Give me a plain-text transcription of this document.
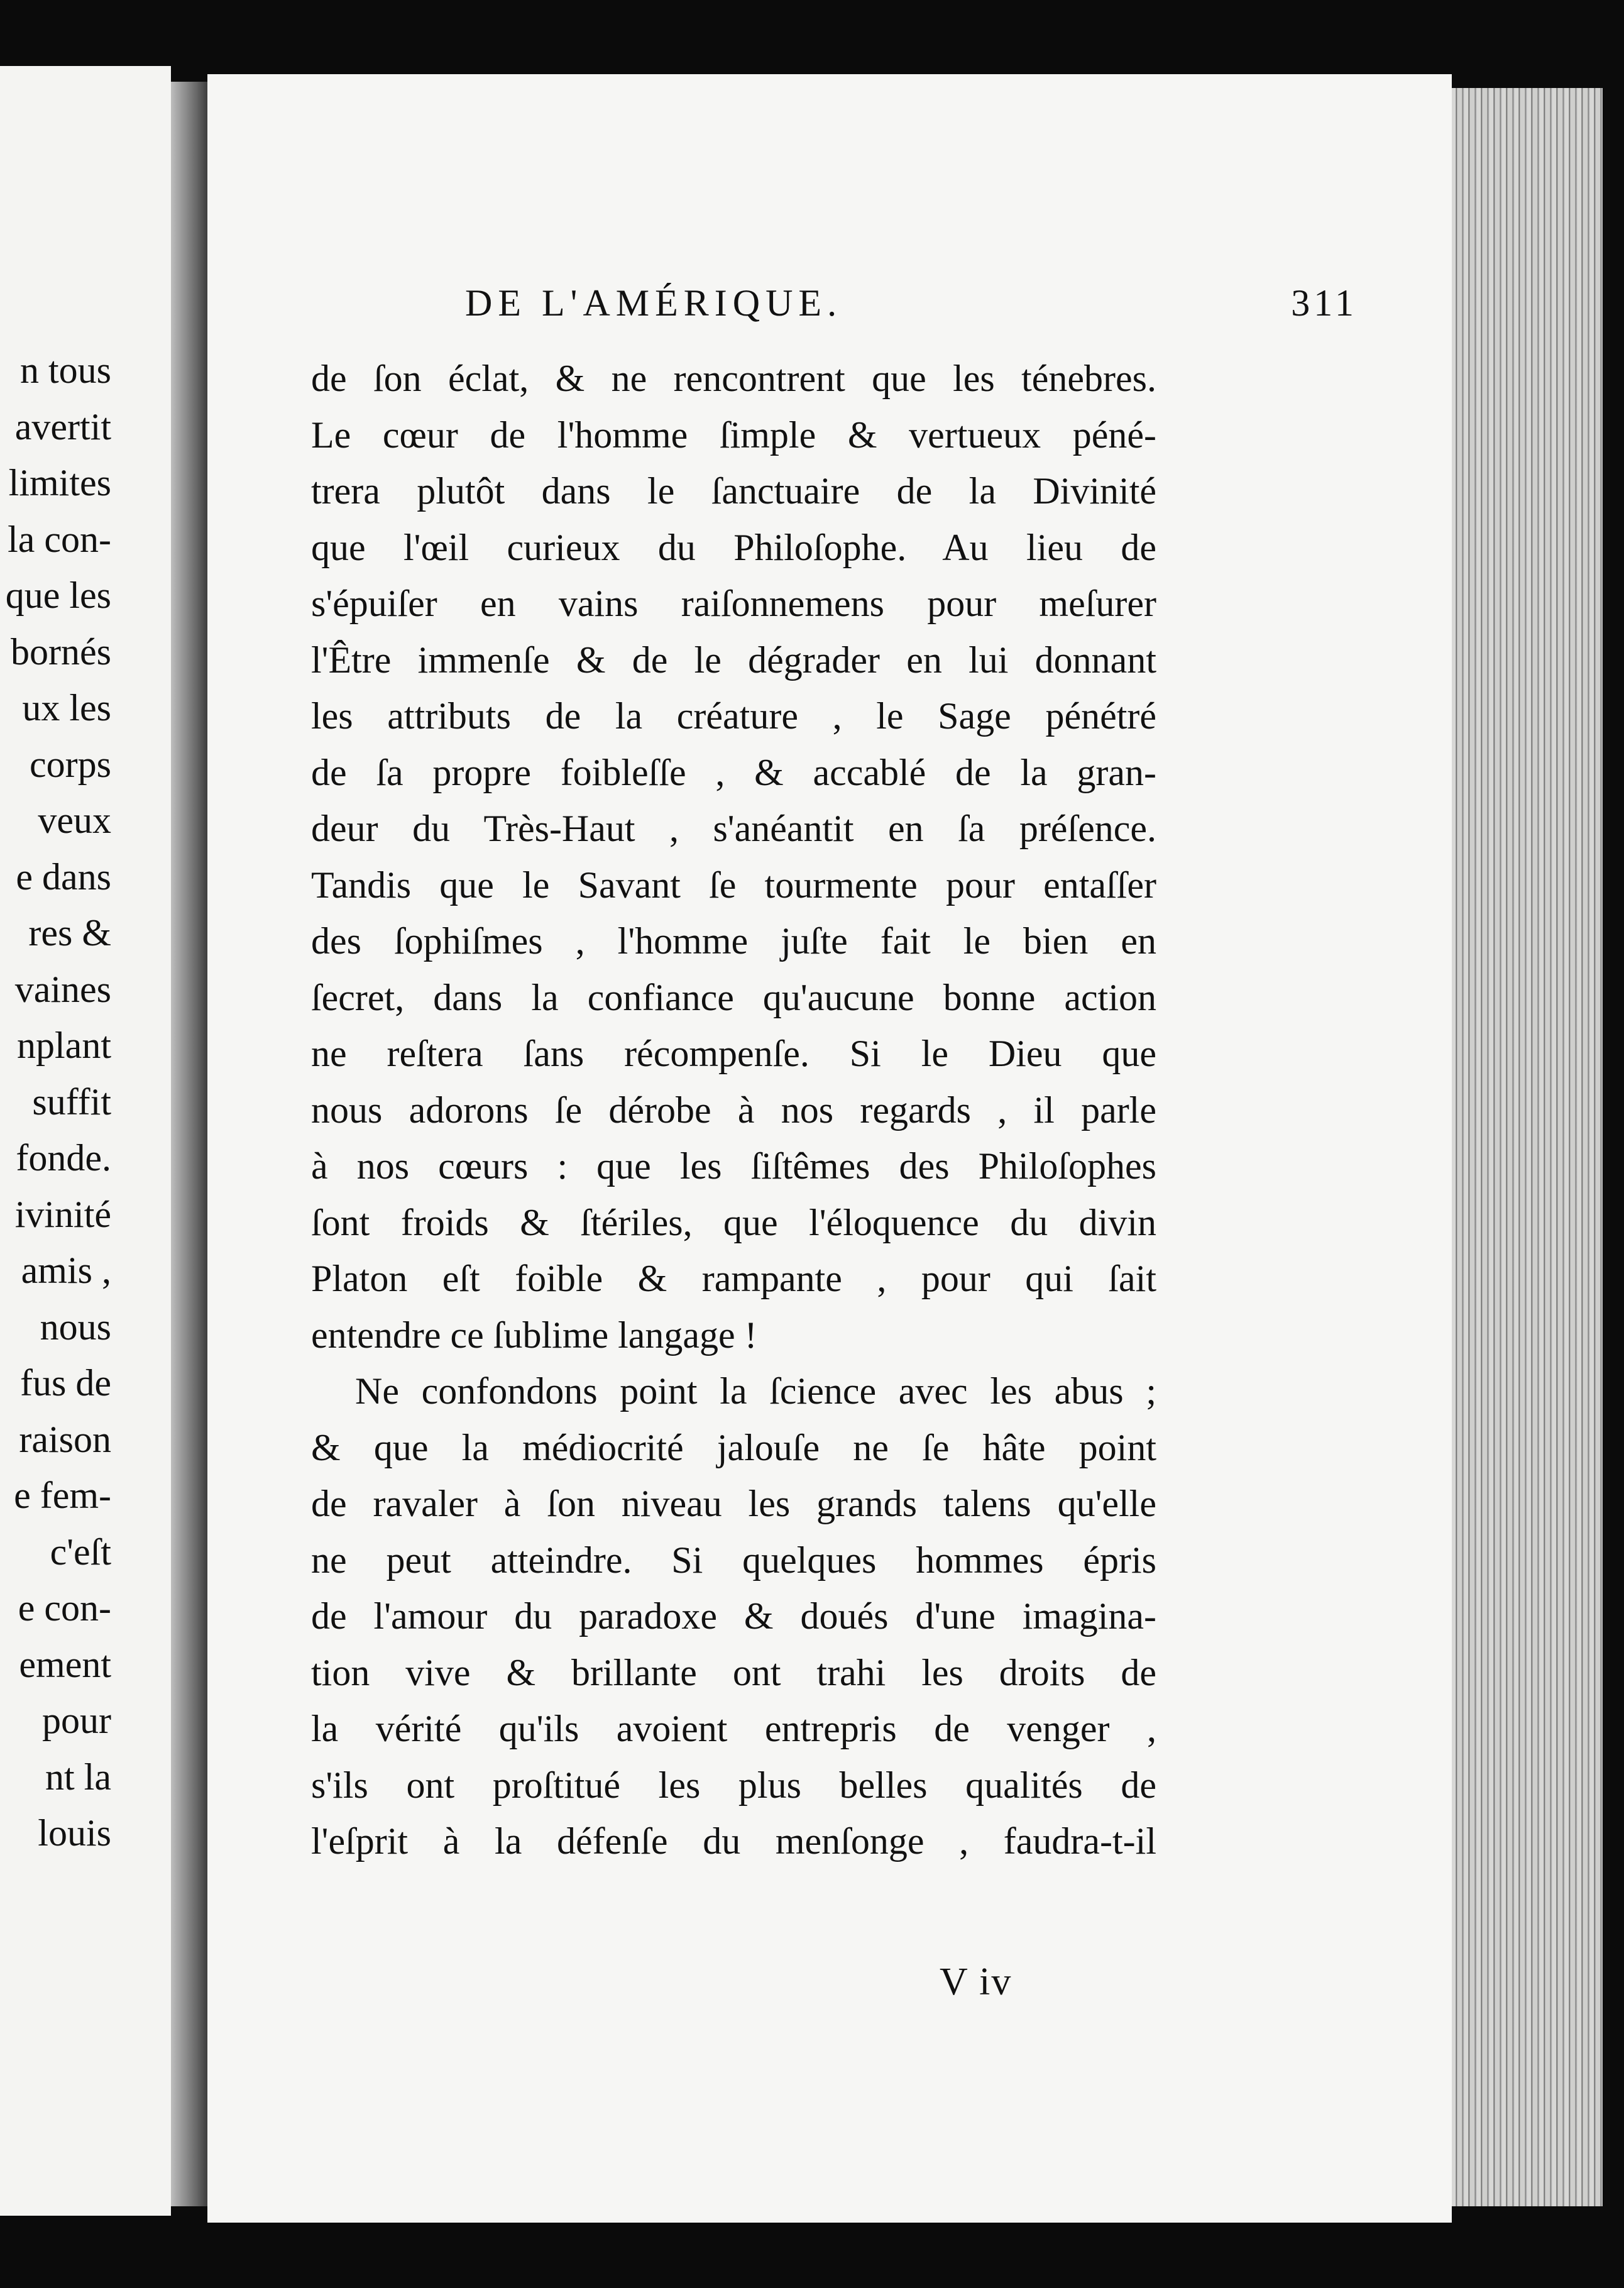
n tous
avertit
limites
la con-
que les
bornés
ux les
corps
veux
e dans
res &
vaines
nplant
suffit
fonde.
ivinité
amis ,
nous
fus de
raison
e fem-
c'eſt
e con-
ement
pour
nt la
louis
DE L'AMÉRIQUE.	311
de ſon éclat, & ne rencontrent que les ténebres.
Le cœur de l'homme ſimple & vertueux péné-
trera plutôt dans le ſanctuaire de la Divinité
que l'œil curieux du Philoſophe. Au lieu de
s'épuiſer en vains raiſonnemens pour meſurer
l'Être immenſe & de le dégrader en lui donnant
les attributs de la créature , le Sage pénétré
de ſa propre foibleſſe , & accablé de la gran-
deur du Très-Haut , s'anéantit en ſa préſence.
Tandis que le Savant ſe tourmente pour entaſſer
des ſophiſmes , l'homme juſte fait le bien en
ſecret, dans la confiance qu'aucune bonne action
ne reſtera ſans récompenſe. Si le Dieu que
nous adorons ſe dérobe à nos regards , il parle
à nos cœurs : que les ſiſtêmes des Philoſophes
ſont froids & ſtériles, que l'éloquence du divin
Platon eſt foible & rampante , pour qui ſait
entendre ce ſublime langage !
Ne confondons point la ſcience avec les abus ;
& que la médiocrité jalouſe ne ſe hâte point
de ravaler à ſon niveau les grands talens qu'elle
ne peut atteindre. Si quelques hommes épris
de l'amour du paradoxe & doués d'une imagina-
tion vive & brillante ont trahi les droits de
la vérité qu'ils avoient entrepris de venger ,
s'ils ont proſtitué les plus belles qualités de
l'eſprit à la défenſe du menſonge , faudra-t-il
V iv
